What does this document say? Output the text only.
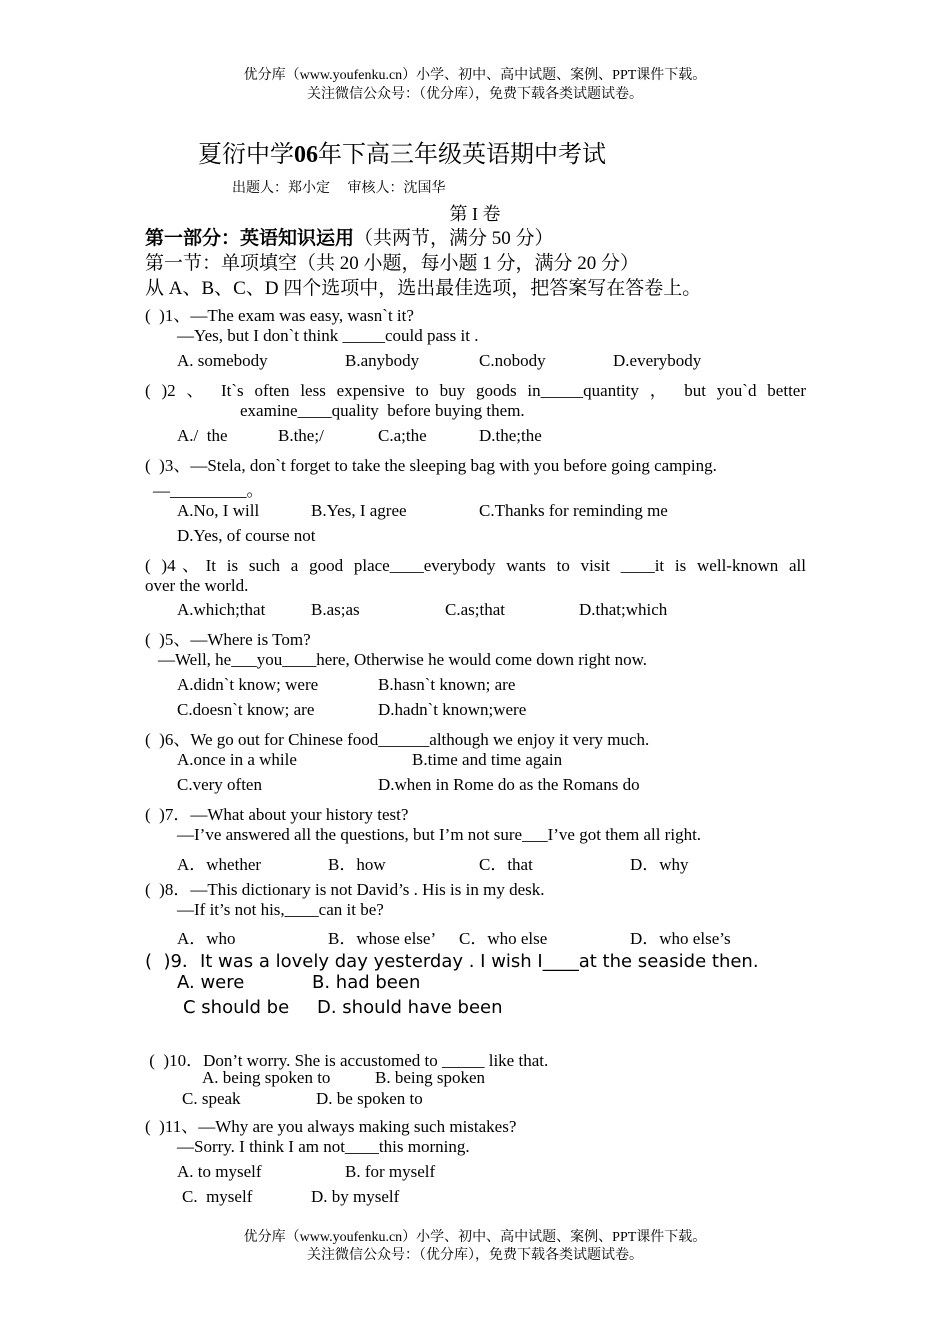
优分库（www.youfenku.cn）小学、初中、高中试题、案例、PPT课件下载。
关注微信公众号：（优分库），免费下载各类试题试卷。
夏衍中学06年下高三年级英语期中考试
出题人：郑小定     审核人：沈国华
第 I 卷
第一部分：英语知识运用（共两节，满分 50 分）
第一节：单项填空（共 20 小题，每小题 1 分，满分 20 分）
从 A、B、C、D 四个选项中，选出最佳选项，把答案写在答卷上。
(  )1、—The exam was easy, wasn`t it?
—Yes, but I don`t think _____could pass it .
A. somebody	B.anybody	C.nobody	D.everybody
( )2 、 It`s often less expensive to buy goods in_____quantity ， but you`d better
examine____quality  before buying them.
A./  the	B.the;/	C.a;the	D.the;the
(  )3、—Stela, don`t forget to take the sleeping bag with you before going camping.
—_________。
A.No, I will	B.Yes, I agree	C.Thanks for reminding me
D.Yes, of course not
( )4、It is such a good place____everybody wants to visit ____it is well-known all
over the world.
A.which;that	B.as;as	C.as;that	D.that;which
(  )5、—Where is Tom?
—Well, he___you____here, Otherwise he would come down right now.
A.didn`t know; were	B.hasn`t known; are
C.doesn`t know; are	D.hadn`t known;were
(  )6、We go out for Chinese food______although we enjoy it very much.
A.once in a while	B.time and time again
C.very often	D.when in Rome do as the Romans do
(  )7．—What about your history test?
—I’ve answered all the questions, but I’m not sure___I’ve got them all right.
A．whether	B．how	C．that	D．why
(  )8．—This dictionary is not David’s . His is in my desk.
—If it’s not his,____can it be?
A．who	B．whose else’ C．who else	D．who else’s
(  )9．It was a lovely day yesterday . I wish I____at the seaside then.
A. were	B. had been
C should be D. should have been
(  )10．Don’t worry. She is accustomed to _____ like that.
A. being spoken to	B. being spoken
C. speak	D. be spoken to
(  )11、—Why are you always making such mistakes?
—Sorry. I think I am not____this morning.
A. to myself	B. for myself
C.  myself	D. by myself
优分库（www.youfenku.cn）小学、初中、高中试题、案例、PPT课件下载。
关注微信公众号：（优分库），免费下载各类试题试卷。
